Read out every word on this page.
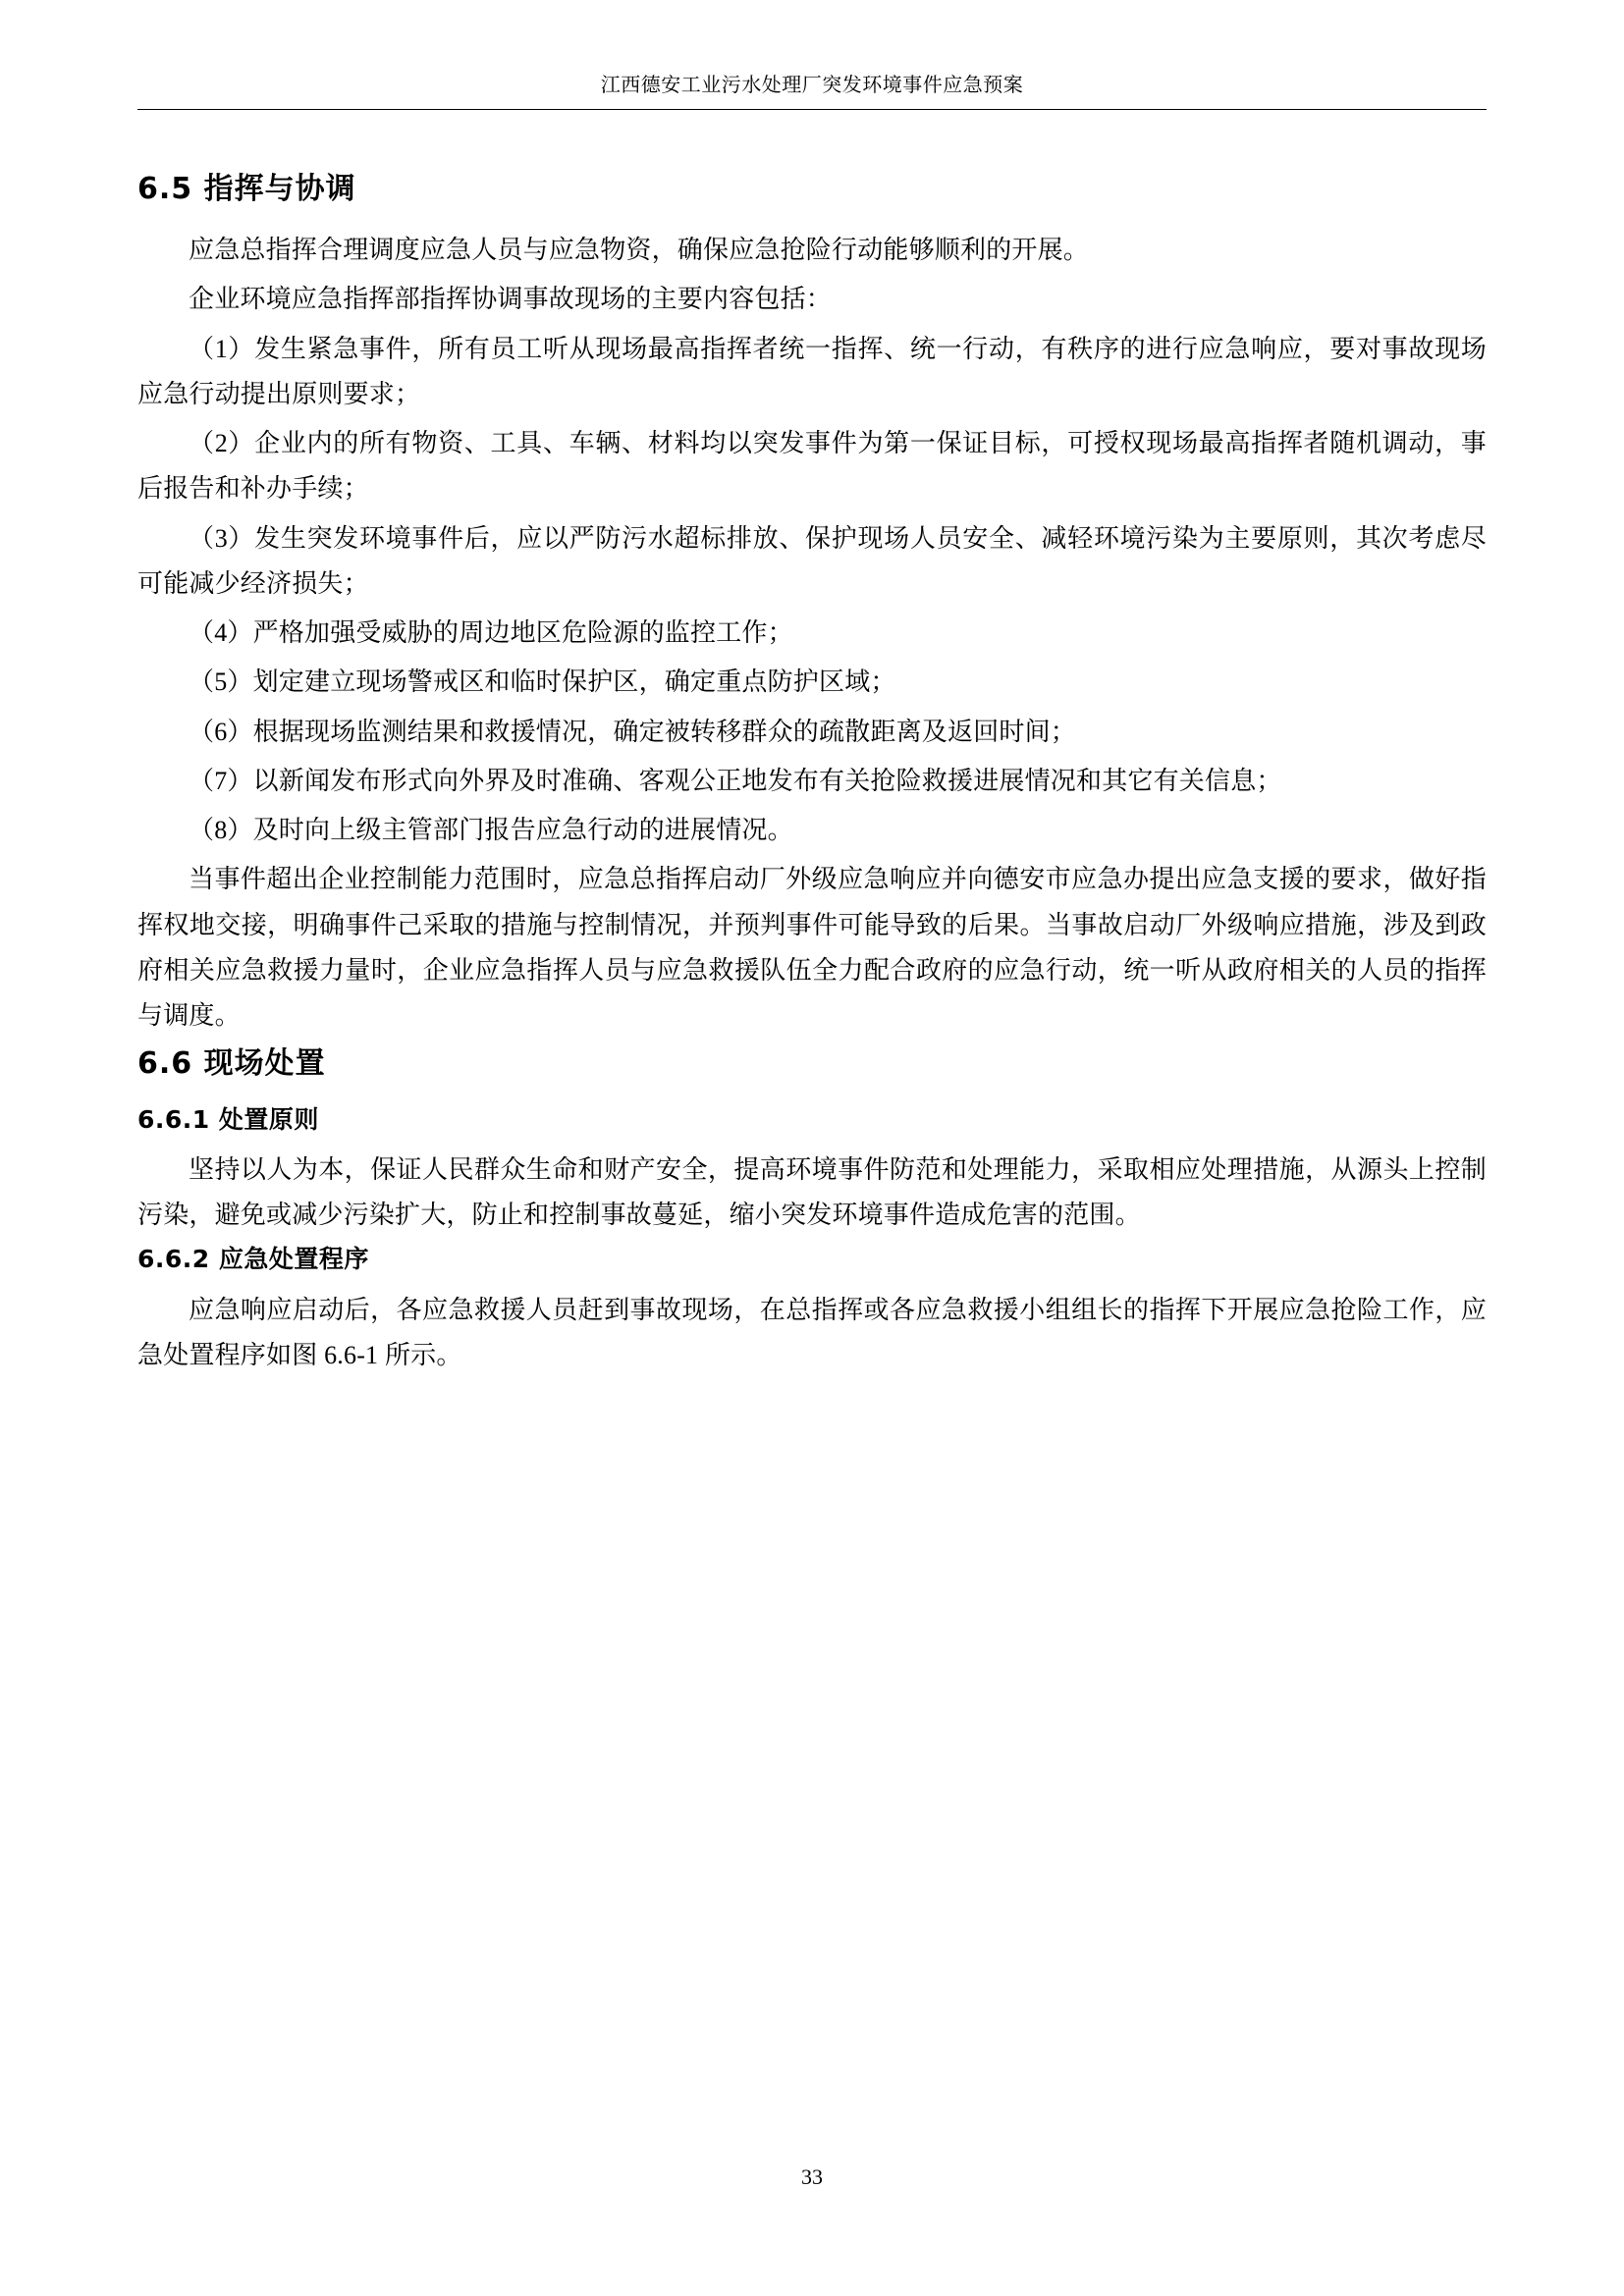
江西德安工业污水处理厂突发环境事件应急预案
6.5 指挥与协调

应急总指挥合理调度应急人员与应急物资，确保应急抢险行动能够顺利的开展。

企业环境应急指挥部指挥协调事故现场的主要内容包括：

（1）发生紧急事件，所有员工听从现场最高指挥者统一指挥、统一行动，有秩序的进行应急响应，要对事故现场应急行动提出原则要求；

（2）企业内的所有物资、工具、车辆、材料均以突发事件为第一保证目标，可授权现场最高指挥者随机调动，事后报告和补办手续；

（3）发生突发环境事件后，应以严防污水超标排放、保护现场人员安全、减轻环境污染为主要原则，其次考虑尽可能减少经济损失；

（4）严格加强受威胁的周边地区危险源的监控工作；

（5）划定建立现场警戒区和临时保护区，确定重点防护区域；

（6）根据现场监测结果和救援情况，确定被转移群众的疏散距离及返回时间；

（7）以新闻发布形式向外界及时准确、客观公正地发布有关抢险救援进展情况和其它有关信息；

（8）及时向上级主管部门报告应急行动的进展情况。

当事件超出企业控制能力范围时，应急总指挥启动厂外级应急响应并向德安市应急办提出应急支援的要求，做好指挥权地交接，明确事件己采取的措施与控制情况，并预判事件可能导致的后果。当事故启动厂外级响应措施，涉及到政府相关应急救援力量时，企业应急指挥人员与应急救援队伍全力配合政府的应急行动，统一听从政府相关的人员的指挥与调度。

6.6 现场处置
6.6.1 处置原则

坚持以人为本，保证人民群众生命和财产安全，提高环境事件防范和处理能力，采取相应处理措施，从源头上控制污染，避免或减少污染扩大，防止和控制事故蔓延，缩小突发环境事件造成危害的范围。

6.6.2 应急处置程序

应急响应启动后，各应急救援人员赶到事故现场，在总指挥或各应急救援小组组长的指挥下开展应急抢险工作，应急处置程序如图 6.6-1 所示。

33
